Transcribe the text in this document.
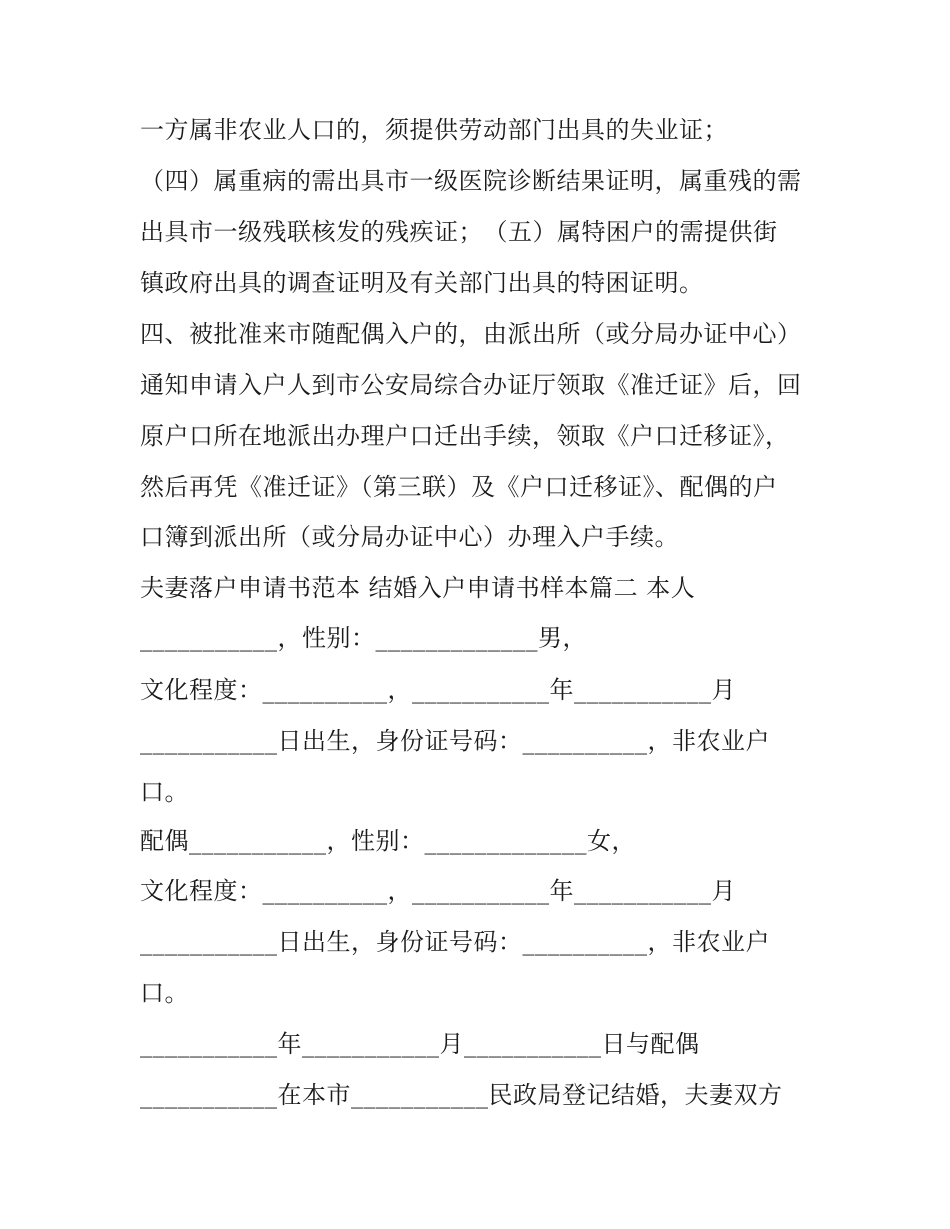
一方属非农业人口的，须提供劳动部门出具的失业证；
（四）属重病的需出具市一级医院诊断结果证明，属重残的需
出具市一级残联核发的残疾证；　（五）属特困户的需提供街
镇政府出具的调查证明及有关部门出具的特困证明。
四、被批准来市随配偶入户的，由派出所（或分局办证中心）
通知申请入户人到市公安局综合办证厅领取《准迁证》后，回
原户口所在地派出办理户口迁出手续，领取《户口迁移证》，
然后再凭《准迁证》（第三联）及《户口迁移证》、配偶的户
口簿到派出所（或分局办证中心）办理入户手续。
夫妻落户申请书范本 结婚入户申请书样本篇二 本人
___________，性别：_____________男，
文化程度：__________，___________年___________月
___________日出生，身份证号码：__________，非农业户
口。
配偶___________，性别：_____________女，
文化程度：__________，___________年___________月
___________日出生，身份证号码：__________，非农业户
口。
___________年___________月___________日与配偶
___________在本市___________民政局登记结婚，夫妻双方
